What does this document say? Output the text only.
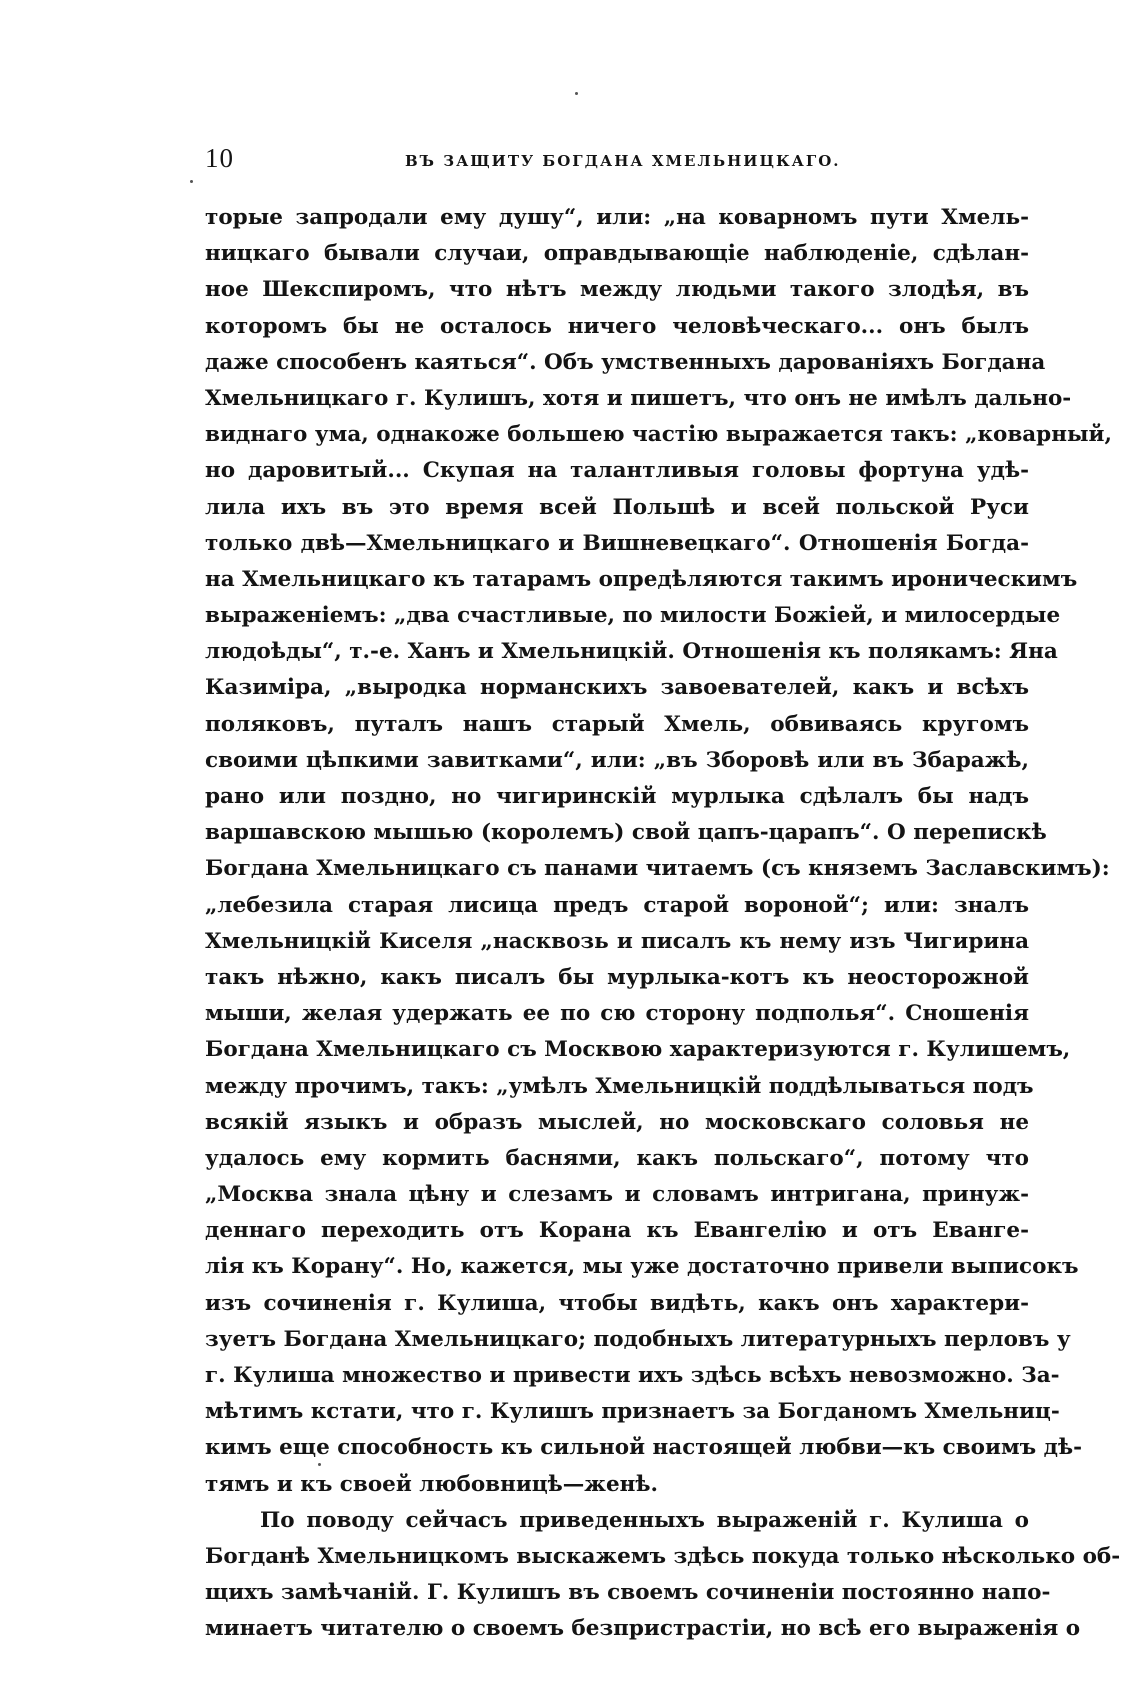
10	ВЪ ЗАЩИТУ БОГДАНА ХМЕЛЬНИЦКАГО.
торые запродали ему душу“, или: „на коварномъ пути Хмель-
ницкаго бывали случаи, оправдывающіе наблюденіе, сдѣлан-
ное Шекспиромъ, что нѣтъ между людьми такого злодѣя, въ
которомъ бы не осталось ничего человѣческаго... онъ былъ
даже способенъ каяться“. Объ умственныхъ дарованіяхъ Богдана
Хмельницкаго г. Кулишъ, хотя и пишетъ, что онъ не имѣлъ дально-
виднаго ума, однакоже большею частію выражается такъ: „коварный,
но даровитый... Скупая на талантливыя головы фортуна удѣ-
лила ихъ въ это время всей Польшѣ и всей польской Руси
только двѣ—Хмельницкаго и Вишневецкаго“. Отношенія Богда-
на Хмельницкаго къ татарамъ опредѣляются такимъ ироническимъ
выраженіемъ: „два счастливые, по милости Божіей, и милосердые
людоѣды“, т.-е. Ханъ и Хмельницкій. Отношенія къ полякамъ: Яна
Казиміра, „выродка норманскихъ завоевателей, какъ и всѣхъ
поляковъ, путалъ нашъ старый Хмель, обвиваясь кругомъ
своими цѣпкими завитками“, или: „въ Зборовѣ или въ Збаражѣ,
рано или поздно, но чигиринскій мурлыка сдѣлалъ бы надъ
варшавскою мышью (королемъ) свой цапъ-царапъ“. О перепискѣ
Богдана Хмельницкаго съ панами читаемъ (съ княземъ Заславскимъ):
„лебезила старая лисица предъ старой вороной“; или: зналъ
Хмельницкій Киселя „насквозь и писалъ къ нему изъ Чигирина
такъ нѣжно, какъ писалъ бы мурлыка-котъ къ неосторожной
мыши, желая удержать ее по сю сторону подполья“. Сношенія
Богдана Хмельницкаго съ Москвою характеризуются г. Кулишемъ,
между прочимъ, такъ: „умѣлъ Хмельницкій поддѣлываться подъ
всякій языкъ и образъ мыслей, но московскаго соловья не
удалось ему кормить баснями, какъ польскаго“, потому что
„Москва знала цѣну и слезамъ и словамъ интригана, принуж-
деннаго переходить отъ Корана къ Евангелію и отъ Еванге-
лія къ Корану“. Но, кажется, мы уже достаточно привели выписокъ
изъ сочиненія г. Кулиша, чтобы видѣть, какъ онъ характери-
зуетъ Богдана Хмельницкаго; подобныхъ литературныхъ перловъ у
г. Кулиша множество и привести ихъ здѣсь всѣхъ невозможно. За-
мѣтимъ кстати, что г. Кулишъ признаетъ за Богданомъ Хмельниц-
кимъ еще способность къ сильной настоящей любви—къ своимъ дѣ-
тямъ и къ своей любовницѣ—женѣ.
По поводу сейчасъ приведенныхъ выраженій г. Кулиша о
Богданѣ Хмельницкомъ выскажемъ здѣсь покуда только нѣсколько об-
щихъ замѣчаній. Г. Кулишъ въ своемъ сочиненіи постоянно напо-
минаетъ читателю о своемъ безпристрастіи, но всѣ его выраженія о
